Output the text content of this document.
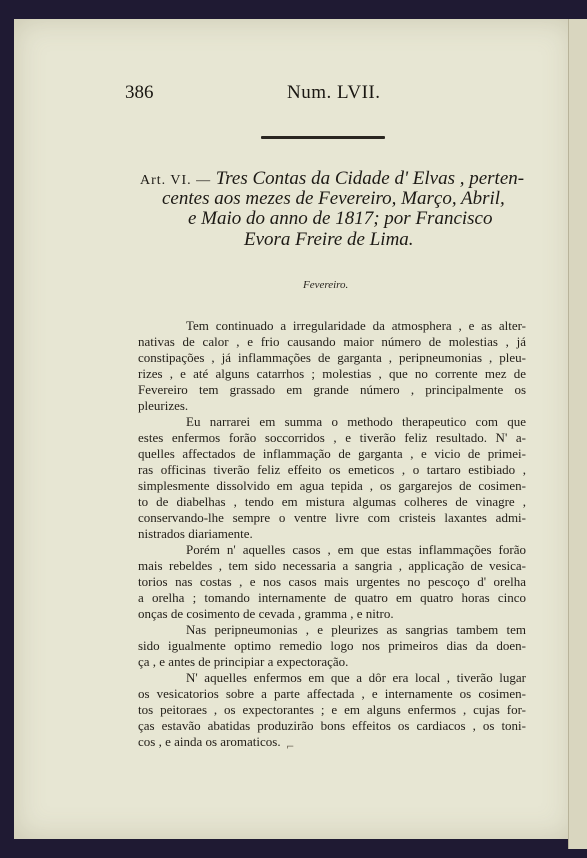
386	Num. LVII.
Art. VI. — Tres Contas da Cidade d' Elvas , perten-
centes aos mezes de Fevereiro, Março, Abril,
e Maio do anno de 1817; por Francisco
Evora Freire de Lima.
Fevereiro.
Tem continuado a irregularidade da atmosphera , e as alter-
nativas de calor , e frio causando maior número de molestias , já
constipações , já inflammações de garganta , peripneumonias , pleu-
rizes , e até alguns catarrhos ; molestias , que no corrente mez de
Fevereiro tem grassado em grande número , principalmente os
pleurizes.
Eu narrarei em summa o methodo therapeutico com que
estes enfermos forão soccorridos , e tiverão feliz resultado. N' a-
quelles affectados de inflammação de garganta , e vicio de primei-
ras officinas tiverão feliz effeito os emeticos , o tartaro estibiado ,
simplesmente dissolvido em agua tepida , os gargarejos de cosimen-
to de diabelhas , tendo em mistura algumas colheres de vinagre ,
conservando-lhe sempre o ventre livre com cristeis laxantes admi-
nistrados diariamente.
Porém n' aquelles casos , em que estas inflammações forão
mais rebeldes , tem sido necessaria a sangria , applicação de vesica-
torios nas costas , e nos casos mais urgentes no pescoço d' orelha
a orelha ; tomando internamente de quatro em quatro horas cinco
onças de cosimento de cevada , gramma , e nitro.
Nas peripneumonias , e pleurizes as sangrias tambem tem
sido igualmente optimo remedio logo nos primeiros dias da doen-
ça , e antes de principiar a expectoração.
N' aquelles enfermos em que a dôr era local , tiverão lugar
os vesicatorios sobre a parte affectada , e internamente os cosimen-
tos peitoraes , os expectorantes ; e em alguns enfermos , cujas for-
ças estavão abatidas produzirão bons effeitos os cardiacos , os toni-
cos , e ainda os aromaticos. ⌐
